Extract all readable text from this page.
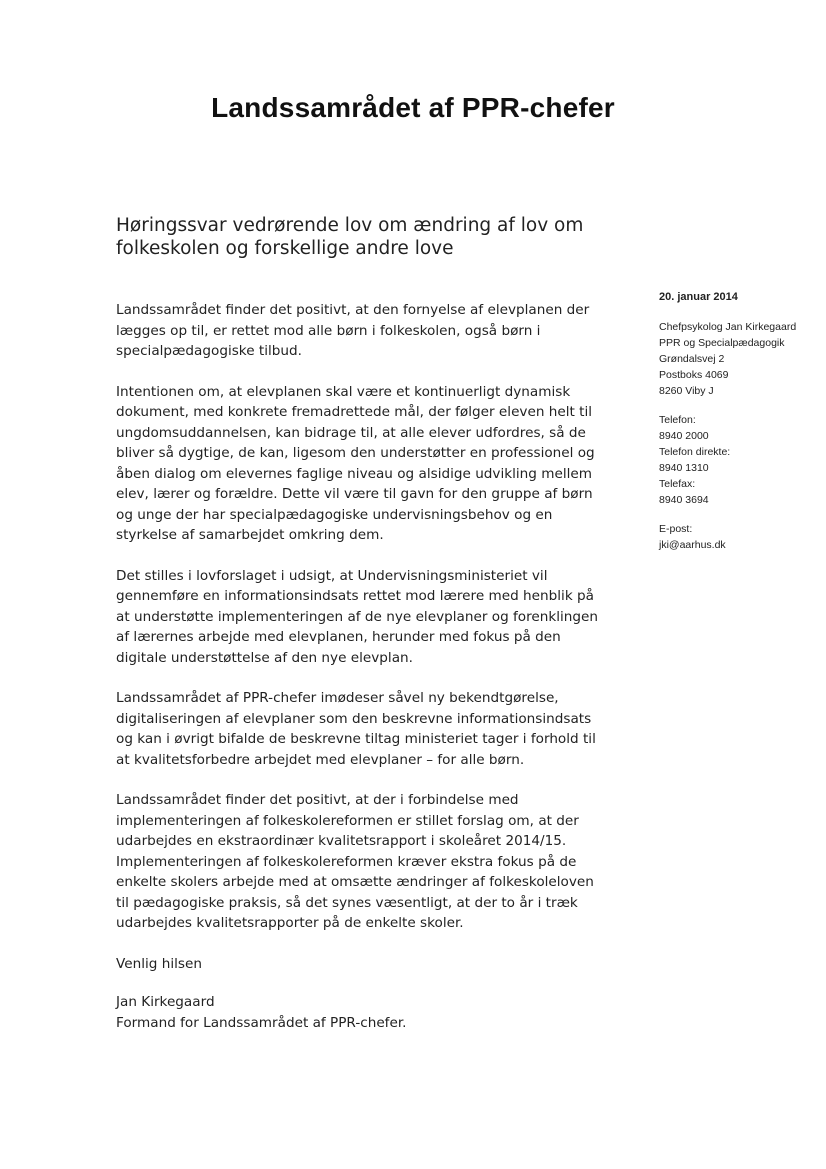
Landssamrådet af PPR-chefer
Høringssvar vedrørende lov om ændring af lov om folkeskolen og forskellige andre love

Landssamrådet finder det positivt, at den fornyelse af elevplanen der
lægges op til, er rettet mod alle børn i folkeskolen, også børn i
specialpædagogiske tilbud.

Intentionen om, at elevplanen skal være et kontinuerligt dynamisk
dokument, med konkrete fremadrettede mål, der følger eleven helt til
ungdomsuddannelsen, kan bidrage til, at alle elever udfordres, så de
bliver så dygtige, de kan, ligesom den understøtter en professionel og
åben dialog om elevernes faglige niveau og alsidige udvikling mellem
elev, lærer og forældre. Dette vil være til gavn for den gruppe af børn
og unge der har specialpædagogiske undervisningsbehov og en
styrkelse af samarbejdet omkring dem.

Det stilles i lovforslaget i udsigt, at Undervisningsministeriet vil
gennemføre en informationsindsats rettet mod lærere med henblik på
at understøtte implementeringen af de nye elevplaner og forenklingen
af lærernes arbejde med elevplanen, herunder med fokus på den
digitale understøttelse af den nye elevplan.

Landssamrådet af PPR-chefer imødeser såvel ny bekendtgørelse,
digitaliseringen af elevplaner som den beskrevne informationsindsats
og kan i øvrigt bifalde de beskrevne tiltag ministeriet tager i forhold til
at kvalitetsforbedre arbejdet med elevplaner – for alle børn.

Landssamrådet finder det positivt, at der i forbindelse med
implementeringen af folkeskolereformen er stillet forslag om, at der
udarbejdes en ekstraordinær kvalitetsrapport i skoleåret 2014/15.
Implementeringen af folkeskolereformen kræver ekstra fokus på de
enkelte skolers arbejde med at omsætte ændringer af folkeskoleloven
til pædagogiske praksis, så det synes væsentligt, at der to år i træk
udarbejdes kvalitetsrapporter på de enkelte skoler.

Venlig hilsen

Jan Kirkegaard
Formand for Landssamrådet af PPR-chefer.
20. januar 2014
Chefpsykolog Jan Kirkegaard
PPR og Specialpædagogik
Grøndalsvej 2
Postboks 4069
8260 Viby J
Telefon:
8940 2000
Telefon direkte:
8940 1310
Telefax:
8940 3694
E-post:
jki@aarhus.dk
